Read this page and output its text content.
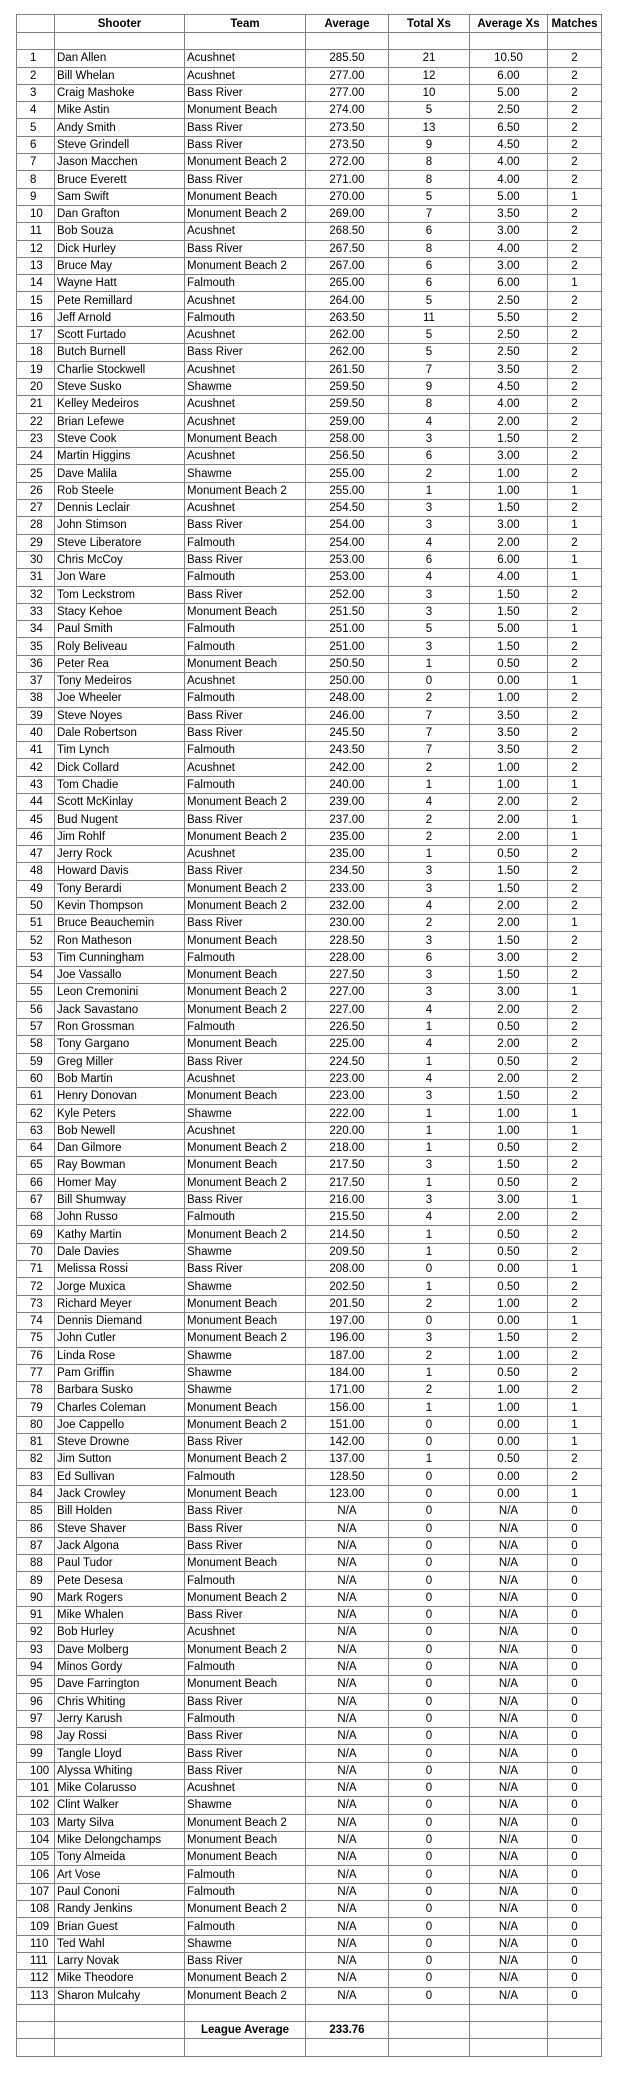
	Shooter	Team	Average	Total Xs	Average Xs	Matches

1	Dan Allen	Acushnet	285.50	21	10.50	2
2	Bill Whelan	Acushnet	277.00	12	6.00	2
3	Craig Mashoke	Bass River	277.00	10	5.00	2
4	Mike Astin	Monument Beach	274.00	5	2.50	2
5	Andy Smith	Bass River	273.50	13	6.50	2
6	Steve Grindell	Bass River	273.50	9	4.50	2
7	Jason Macchen	Monument Beach 2	272.00	8	4.00	2
8	Bruce Everett	Bass River	271.00	8	4.00	2
9	Sam Swift	Monument Beach	270.00	5	5.00	1
10	Dan Grafton	Monument Beach 2	269.00	7	3.50	2
11	Bob Souza	Acushnet	268.50	6	3.00	2
12	Dick Hurley	Bass River	267.50	8	4.00	2
13	Bruce May	Monument Beach 2	267.00	6	3.00	2
14	Wayne Hatt	Falmouth	265.00	6	6.00	1
15	Pete Remillard	Acushnet	264.00	5	2.50	2
16	Jeff Arnold	Falmouth	263.50	11	5.50	2
17	Scott Furtado	Acushnet	262.00	5	2.50	2
18	Butch Burnell	Bass River	262.00	5	2.50	2
19	Charlie Stockwell	Acushnet	261.50	7	3.50	2
20	Steve Susko	Shawme	259.50	9	4.50	2
21	Kelley Medeiros	Acushnet	259.50	8	4.00	2
22	Brian Lefewe	Acushnet	259.00	4	2.00	2
23	Steve Cook	Monument Beach	258.00	3	1.50	2
24	Martin Higgins	Acushnet	256.50	6	3.00	2
25	Dave Malila	Shawme	255.00	2	1.00	2
26	Rob Steele	Monument Beach 2	255.00	1	1.00	1
27	Dennis Leclair	Acushnet	254.50	3	1.50	2
28	John Stimson	Bass River	254.00	3	3.00	1
29	Steve Liberatore	Falmouth	254.00	4	2.00	2
30	Chris McCoy	Bass River	253.00	6	6.00	1
31	Jon Ware	Falmouth	253.00	4	4.00	1
32	Tom Leckstrom	Bass River	252.00	3	1.50	2
33	Stacy Kehoe	Monument Beach	251.50	3	1.50	2
34	Paul Smith	Falmouth	251.00	5	5.00	1
35	Roly Beliveau	Falmouth	251.00	3	1.50	2
36	Peter Rea	Monument Beach	250.50	1	0.50	2
37	Tony Medeiros	Acushnet	250.00	0	0.00	1
38	Joe Wheeler	Falmouth	248.00	2	1.00	2
39	Steve Noyes	Bass River	246.00	7	3.50	2
40	Dale Robertson	Bass River	245.50	7	3.50	2
41	Tim Lynch	Falmouth	243.50	7	3.50	2
42	Dick Collard	Acushnet	242.00	2	1.00	2
43	Tom Chadie	Falmouth	240.00	1	1.00	1
44	Scott McKinlay	Monument Beach 2	239.00	4	2.00	2
45	Bud Nugent	Bass River	237.00	2	2.00	1
46	Jim Rohlf	Monument Beach 2	235.00	2	2.00	1
47	Jerry Rock	Acushnet	235.00	1	0.50	2
48	Howard Davis	Bass River	234.50	3	1.50	2
49	Tony Berardi	Monument Beach 2	233.00	3	1.50	2
50	Kevin Thompson	Monument Beach 2	232.00	4	2.00	2
51	Bruce Beauchemin	Bass River	230.00	2	2.00	1
52	Ron Matheson	Monument Beach	228.50	3	1.50	2
53	Tim Cunningham	Falmouth	228.00	6	3.00	2
54	Joe Vassallo	Monument Beach	227.50	3	1.50	2
55	Leon Cremonini	Monument Beach 2	227.00	3	3.00	1
56	Jack Savastano	Monument Beach 2	227.00	4	2.00	2
57	Ron Grossman	Falmouth	226.50	1	0.50	2
58	Tony Gargano	Monument Beach	225.00	4	2.00	2
59	Greg Miller	Bass River	224.50	1	0.50	2
60	Bob Martin	Acushnet	223.00	4	2.00	2
61	Henry Donovan	Monument Beach	223.00	3	1.50	2
62	Kyle Peters	Shawme	222.00	1	1.00	1
63	Bob Newell	Acushnet	220.00	1	1.00	1
64	Dan Gilmore	Monument Beach 2	218.00	1	0.50	2
65	Ray Bowman	Monument Beach	217.50	3	1.50	2
66	Homer May	Monument Beach 2	217.50	1	0.50	2
67	Bill Shumway	Bass River	216.00	3	3.00	1
68	John Russo	Falmouth	215.50	4	2.00	2
69	Kathy Martin	Monument Beach 2	214.50	1	0.50	2
70	Dale Davies	Shawme	209.50	1	0.50	2
71	Melissa Rossi	Bass River	208.00	0	0.00	1
72	Jorge Muxica	Shawme	202.50	1	0.50	2
73	Richard Meyer	Monument Beach	201.50	2	1.00	2
74	Dennis Diemand	Monument Beach	197.00	0	0.00	1
75	John Cutler	Monument Beach 2	196.00	3	1.50	2
76	Linda Rose	Shawme	187.00	2	1.00	2
77	Pam Griffin	Shawme	184.00	1	0.50	2
78	Barbara Susko	Shawme	171.00	2	1.00	2
79	Charles Coleman	Monument Beach	156.00	1	1.00	1
80	Joe Cappello	Monument Beach 2	151.00	0	0.00	1
81	Steve Drowne	Bass River	142.00	0	0.00	1
82	Jim Sutton	Monument Beach 2	137.00	1	0.50	2
83	Ed Sullivan	Falmouth	128.50	0	0.00	2
84	Jack Crowley	Monument Beach	123.00	0	0.00	1
85	Bill Holden	Bass River	N/A	0	N/A	0
86	Steve Shaver	Bass River	N/A	0	N/A	0
87	Jack Algona	Bass River	N/A	0	N/A	0
88	Paul Tudor	Monument Beach	N/A	0	N/A	0
89	Pete Desesa	Falmouth	N/A	0	N/A	0
90	Mark Rogers	Monument Beach 2	N/A	0	N/A	0
91	Mike Whalen	Bass River	N/A	0	N/A	0
92	Bob Hurley	Acushnet	N/A	0	N/A	0
93	Dave Molberg	Monument Beach 2	N/A	0	N/A	0
94	Minos Gordy	Falmouth	N/A	0	N/A	0
95	Dave Farrington	Monument Beach	N/A	0	N/A	0
96	Chris Whiting	Bass River	N/A	0	N/A	0
97	Jerry Karush	Falmouth	N/A	0	N/A	0
98	Jay Rossi	Bass River	N/A	0	N/A	0
99	Tangle Lloyd	Bass River	N/A	0	N/A	0
100	Alyssa Whiting	Bass River	N/A	0	N/A	0
101	Mike Colarusso	Acushnet	N/A	0	N/A	0
102	Clint Walker	Shawme	N/A	0	N/A	0
103	Marty Silva	Monument Beach 2	N/A	0	N/A	0
104	Mike Delongchamps	Monument Beach	N/A	0	N/A	0
105	Tony Almeida	Monument Beach	N/A	0	N/A	0
106	Art Vose	Falmouth	N/A	0	N/A	0
107	Paul Cononi	Falmouth	N/A	0	N/A	0
108	Randy Jenkins	Monument Beach 2	N/A	0	N/A	0
109	Brian Guest	Falmouth	N/A	0	N/A	0
110	Ted Wahl	Shawme	N/A	0	N/A	0
111	Larry Novak	Bass River	N/A	0	N/A	0
112	Mike Theodore	Monument Beach 2	N/A	0	N/A	0
113	Sharon Mulcahy	Monument Beach 2	N/A	0	N/A	0

		League Average	233.76			
